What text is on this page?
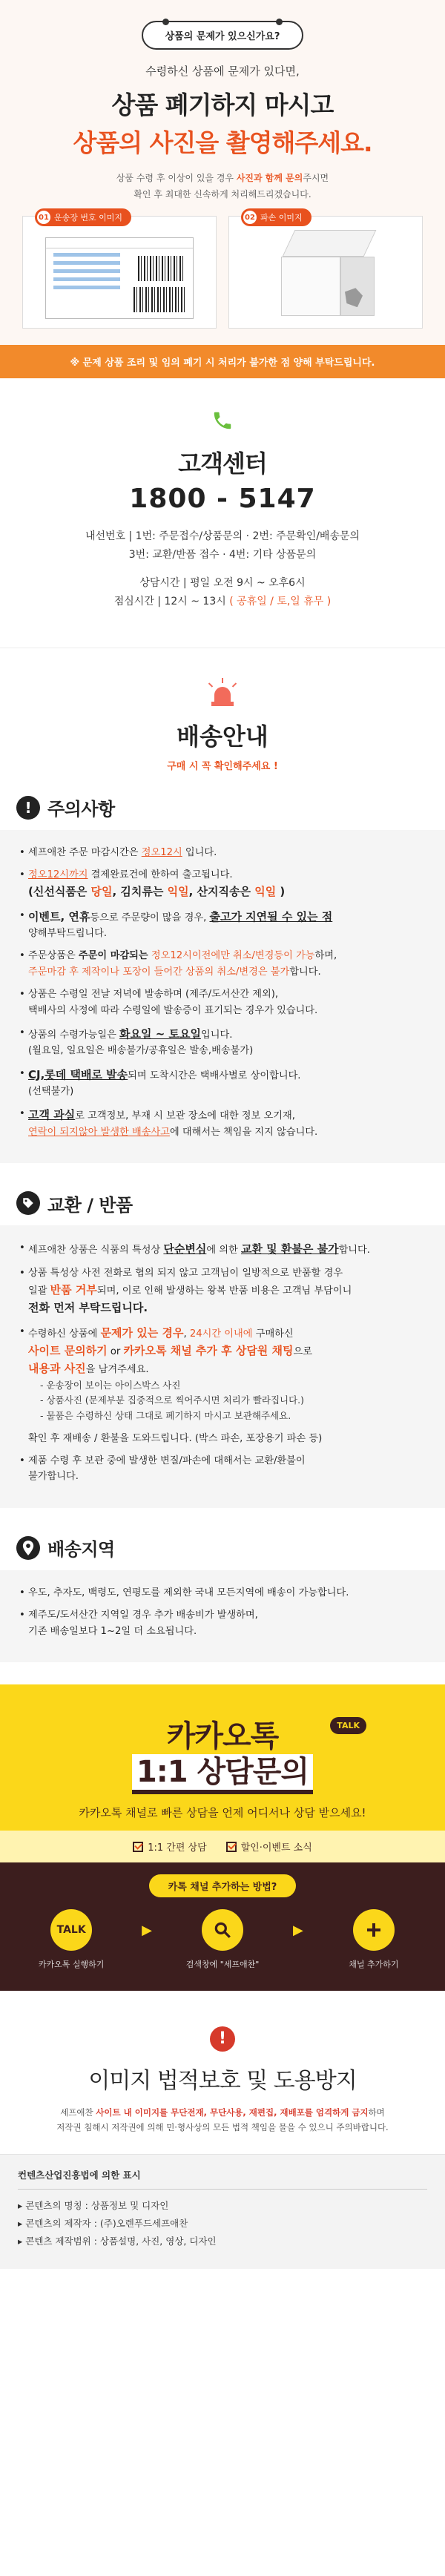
상품의 문제가 있으신가요?
수령하신 상품에 문제가 있다면,
상품 폐기하지 마시고
상품의 사진을 촬영해주세요.
상품 수령 후 이상이 있을 경우 사진과 함께 문의주시면
확인 후 최대한 신속하게 처리해드리겠습니다.
01 운송장 번호 이미지	02 파손 이미지
※ 문제 상품 조리 및 임의 폐기 시 처리가 불가한 점 양해 부탁드립니다.
고객센터
1800 - 5147
내선번호 | 1번: 주문접수/상품문의 · 2번: 주문확인/배송문의
3번: 교환/반품 접수 · 4번: 기타 상품문의
상담시간 | 평일 오전 9시 ~ 오후6시
점심시간 | 12시 ~ 13시 ( 공휴일 / 토,일 휴무 )
배송안내
구매 시 꼭 확인해주세요 !
! 주의사항
• 세프애찬 주문 마감시간은 정오12시 입니다.
• 정오12시까지 결제완료건에 한하여 출고됩니다.
(신선식품은 당일, 김치류는 익일, 산지직송은 익일 )
• 이벤트, 연휴등으로 주문량이 많을 경우, 출고가 지연될 수 있는 점
양해부탁드립니다.
• 주문상품은 주문이 마감되는 정오12시이전에만 취소/변경등이 가능하며,
주문마감 후 제작이나 포장이 들어간 상품의 취소/변경은 불가합니다.
• 상품은 수령일 전날 저녁에 발송하며 (제주/도서산간 제외),
택배사의 사정에 따라 수령일에 발송증이 표기되는 경우가 있습니다.
• 상품의 수령가능일은 화요일 ~ 토요일입니다.
(월요일, 일요일은 배송불가/공휴일은 발송,배송불가)
• CJ,롯데 택배로 발송되며 도착시간은 택배사별로 상이합니다.
(선택불가)
• 고객 과실로 고객정보, 부재 시 보관 장소에 대한 정보 오기재,
연락이 되지않아 발생한 배송사고에 대해서는 책임을 지지 않습니다.
교환 / 반품
• 세프애찬 상품은 식품의 특성상 단순변심에 의한 교환 및 환불은 불가합니다.
• 상품 특성상 사전 전화로 협의 되지 않고 고객님이 일방적으로 반품할 경우
일괄 반품 거부되며, 이로 인해 발생하는 왕복 반품 비용은 고객님 부담이니
전화 먼저 부탁드립니다.
• 수령하신 상품에 문제가 있는 경우, 24시간 이내에 구매하신
사이트 문의하기 or 카카오톡 채널 추가 후 상담원 채팅으로
내용과 사진을 남겨주세요.
- 운송장이 보이는 아이스박스 사진
- 상품사진 (문제부분 집중적으로 찍어주시면 처리가 빨라집니다.)
- 물품은 수령하신 상태 그대로 폐기하지 마시고 보관해주세요.
확인 후 재배송 / 환불을 도와드립니다. (박스 파손, 포장용기 파손 등)
• 제품 수령 후 보관 중에 발생한 변질/파손에 대해서는 교환/환불이
불가합니다.
배송지역
• 우도, 추자도, 백령도, 연평도를 제외한 국내 모든지역에 배송이 가능합니다.
• 제주도/도서산간 지역일 경우 추가 배송비가 발생하며,
기존 배송일보다 1~2일 더 소요됩니다.
TALK
카카오톡
1:1 상담문의
카카오톡 채널로 빠른 상담을 언제 어디서나 상담 받으세요!
1:1 간편 상담	할인·이벤트 소식
카톡 채널 추가하는 방법?
TALK
카카오톡 실행하기
▶
검색창에 "세프애찬"
▶
채널 추가하기
!
이미지 법적보호 및 도용방지
세프애찬 사이트 내 이미지를 무단전재, 무단사용, 재편집, 재배포를 엄격하게 금지하며
저작권 침해시 저작권에 의해 민·형사상의 모든 법적 책임을 물을 수 있으니 주의바랍니다.
컨텐츠산업진흥법에 의한 표시
▸ 콘텐츠의 명칭 : 상품정보 및 디자인
▸ 콘텐츠의 제작자 : (주)오렌푸드세프애찬
▸ 콘텐츠 제작범위 : 상품설명, 사진, 영상, 디자인
